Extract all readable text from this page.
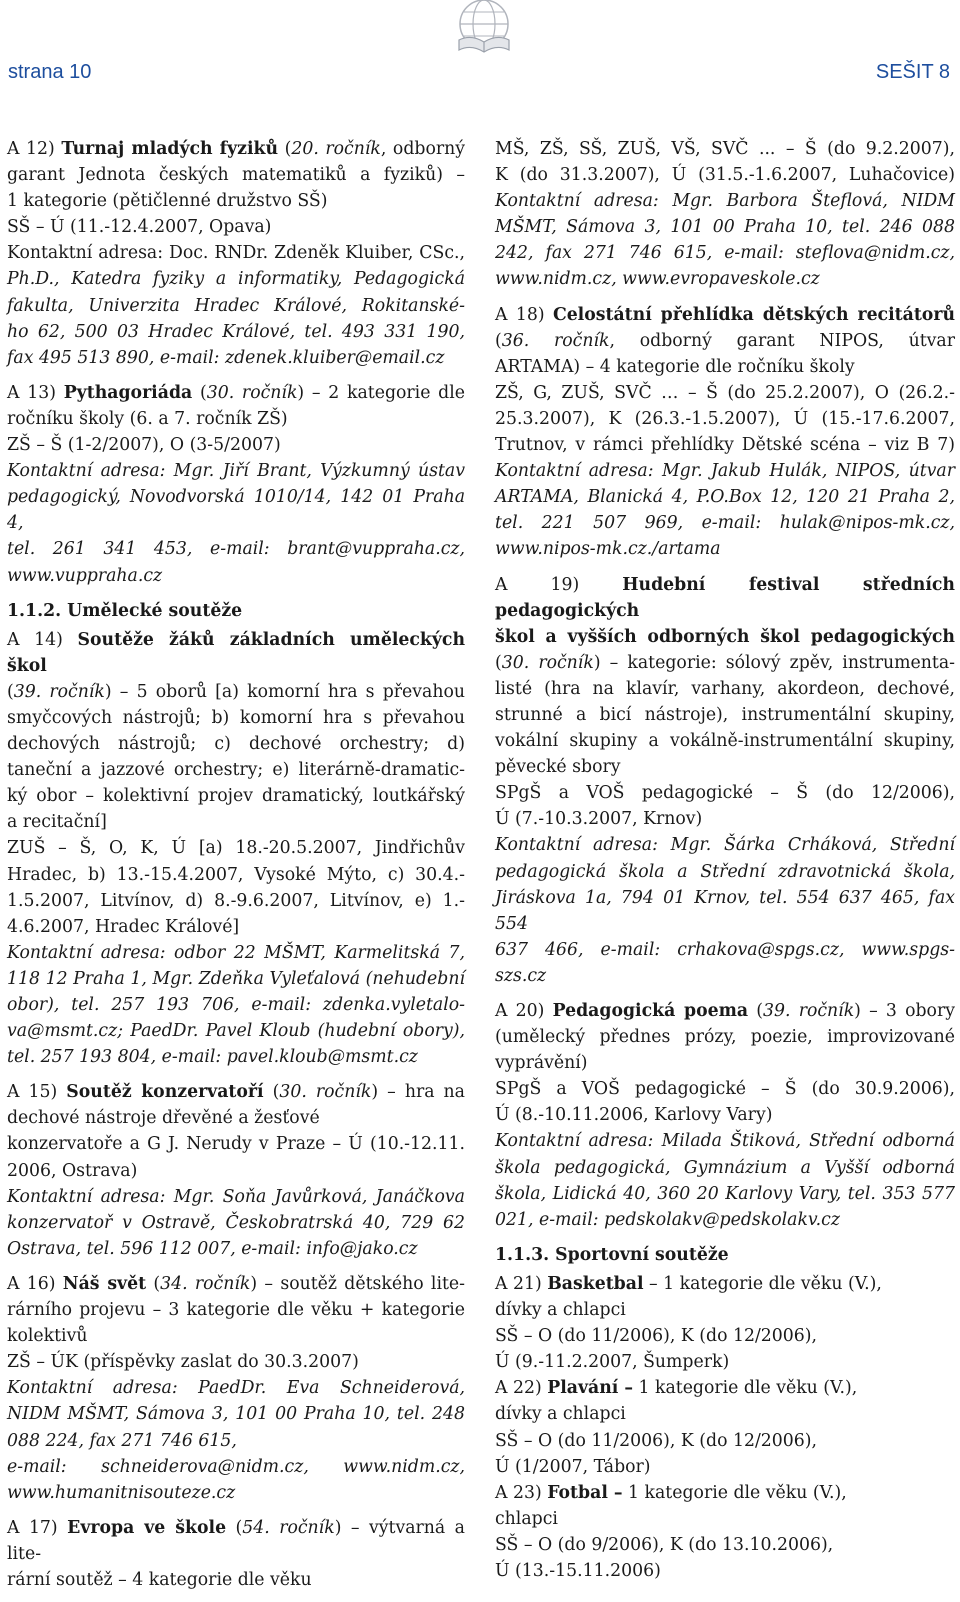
strana 10	SEŠIT 8
A 12) Turnaj mladých fyziků (20. ročník, odborný
garant Jednota českých matematiků a fyziků) –
1 kategorie (pětičlenné družstvo SŠ)
SŠ – Ú (11.-12.4.2007, Opava)
Kontaktní adresa: Doc. RNDr. Zdeněk Kluiber, CSc.,
Ph.D., Katedra fyziky a informatiky, Pedagogická
fakulta, Univerzita Hradec Králové, Rokitanské-
ho 62, 500 03 Hradec Králové, tel. 493 331 190,
fax 495 513 890, e-mail: zdenek.kluiber@email.cz
A 13) Pythagoriáda (30. ročník) – 2 kategorie dle
ročníku školy (6. a 7. ročník ZŠ)
ZŠ – Š (1-2/2007), O (3-5/2007)
Kontaktní adresa: Mgr. Jiří Brant, Výzkumný ústav
pedagogický, Novodvorská 1010/14, 142 01 Praha 4,
tel. 261 341 453, e-mail: brant@vuppraha.cz,
www.vuppraha.cz
1.1.2. Umělecké soutěže
A 14) Soutěže žáků základních uměleckých škol
(39. ročník) – 5 oborů [a) komorní hra s převahou
smyčcových nástrojů; b) komorní hra s převahou
dechových nástrojů; c) dechové orchestry; d)
taneční a jazzové orchestry; e) literárně-dramatic-
ký obor – kolektivní projev dramatický, loutkářský
a recitační]
ZUŠ – Š, O, K, Ú [a) 18.-20.5.2007, Jindřichův
Hradec, b) 13.-15.4.2007, Vysoké Mýto, c) 30.4.-
1.5.2007, Litvínov, d) 8.-9.6.2007, Litvínov, e) 1.-
4.6.2007, Hradec Králové]
Kontaktní adresa: odbor 22 MŠMT, Karmelitská 7,
118 12 Praha 1, Mgr. Zdeňka Vyleťalová (nehudební
obor), tel. 257 193 706, e-mail: zdenka.vyletalo-
va@msmt.cz; PaedDr. Pavel Kloub (hudební obory),
tel. 257 193 804, e-mail: pavel.kloub@msmt.cz
A 15) Soutěž konzervatoří (30. ročník) – hra na
dechové nástroje dřevěné a žesťové
konzervatoře a G J. Nerudy v Praze – Ú (10.-12.11.
2006, Ostrava)
Kontaktní adresa: Mgr. Soňa Javůrková, Janáčkova
konzervatoř v Ostravě, Českobratrská 40, 729 62
Ostrava, tel. 596 112 007, e-mail: info@jako.cz
A 16) Náš svět (34. ročník) – soutěž dětského lite-
rárního projevu – 3 kategorie dle věku + kategorie
kolektivů
ZŠ – ÚK (příspěvky zaslat do 30.3.2007)
Kontaktní adresa: PaedDr. Eva Schneiderová,
NIDM MŠMT, Sámova 3, 101 00 Praha 10, tel. 248
088 224, fax 271 746 615,
e-mail: schneiderova@nidm.cz, www.nidm.cz,
www.humanitnisouteze.cz
A 17) Evropa ve škole (54. ročník) – výtvarná a lite-
rární soutěž – 4 kategorie dle věku
MŠ, ZŠ, SŠ, ZUŠ, VŠ, SVČ ... – Š (do 9.2.2007),
K (do 31.3.2007), Ú (31.5.-1.6.2007, Luhačovice)
Kontaktní adresa: Mgr. Barbora Šteflová, NIDM
MŠMT, Sámova 3, 101 00 Praha 10, tel. 246 088
242, fax 271 746 615, e-mail: steflova@nidm.cz,
www.nidm.cz, www.evropaveskole.cz
A 18) Celostátní přehlídka dětských recitátorů
(36. ročník, odborný garant NIPOS, útvar
ARTAMA) – 4 kategorie dle ročníku školy
ZŠ, G, ZUŠ, SVČ … – Š (do 25.2.2007), O (26.2.-
25.3.2007), K (26.3.-1.5.2007), Ú (15.-17.6.2007,
Trutnov, v rámci přehlídky Dětské scéna – viz B 7)
Kontaktní adresa: Mgr. Jakub Hulák, NIPOS, útvar
ARTAMA, Blanická 4, P.O.Box 12, 120 21 Praha 2,
tel. 221 507 969, e-mail: hulak@nipos-mk.cz,
www.nipos-mk.cz./artama
A 19) Hudební festival středních pedagogických
škol a vyšších odborných škol pedagogických
(30. ročník) – kategorie: sólový zpěv, instrumenta-
listé (hra na klavír, varhany, akordeon, dechové,
strunné a bicí nástroje), instrumentální skupiny,
vokální skupiny a vokálně-instrumentální skupiny,
pěvecké sbory
SPgŠ a VOŠ pedagogické – Š (do 12/2006),
Ú (7.-10.3.2007, Krnov)
Kontaktní adresa: Mgr. Šárka Crháková, Střední
pedagogická škola a Střední zdravotnická škola,
Jiráskova 1a, 794 01 Krnov, tel. 554 637 465, fax 554
637 466, e-mail: crhakova@spgs.cz, www.spgs-szs.cz
A 20) Pedagogická poema (39. ročník) – 3 obory
(umělecký přednes prózy, poezie, improvizované
vyprávění)
SPgŠ a VOŠ pedagogické – Š (do 30.9.2006),
Ú (8.-10.11.2006, Karlovy Vary)
Kontaktní adresa: Milada Štiková, Střední odborná
škola pedagogická, Gymnázium a Vyšší odborná
škola, Lidická 40, 360 20 Karlovy Vary, tel. 353 577
021, e-mail: pedskolakv@pedskolakv.cz
1.1.3. Sportovní soutěže
A 21) Basketbal – 1 kategorie dle věku (V.),
dívky a chlapci
SŠ – O (do 11/2006), K (do 12/2006),
Ú (9.-11.2.2007, Šumperk)
A 22) Plavání – 1 kategorie dle věku (V.),
dívky a chlapci
SŠ – O (do 11/2006), K (do 12/2006),
Ú (1/2007, Tábor)
A 23) Fotbal – 1 kategorie dle věku (V.),
chlapci
SŠ – O (do 9/2006), K (do 13.10.2006),
Ú (13.-15.11.2006)
